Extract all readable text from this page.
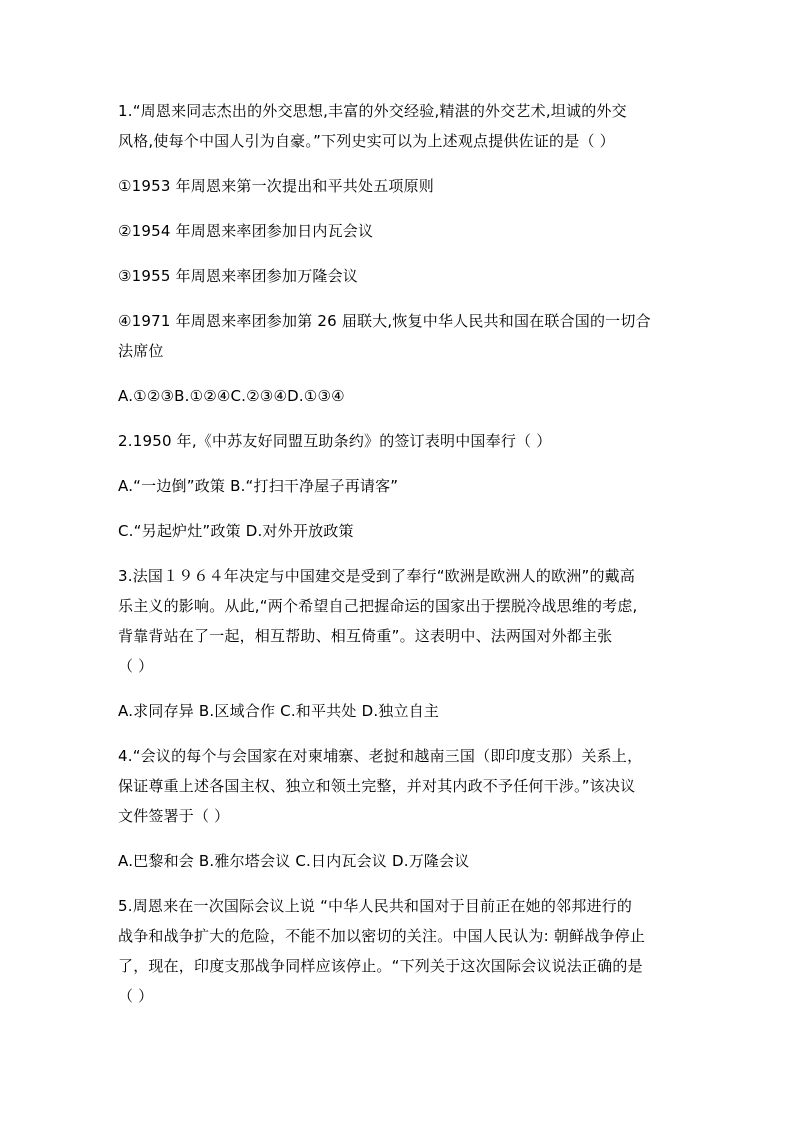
1.“周恩来同志杰出的外交思想,丰富的外交经验,精湛的外交艺术,坦诚的外交
风格,使每个中国人引为自豪。”下列史实可以为上述观点提供佐证的是（ ）
①1953 年周恩来第一次提出和平共处五项原则
②1954 年周恩来率团参加日内瓦会议
③1955 年周恩来率团参加万隆会议
④1971 年周恩来率团参加第 26 届联大,恢复中华人民共和国在联合国的一切合
法席位
A.①②③B.①②④C.②③④D.①③④
2.1950 年,《中苏友好同盟互助条约》的签订表明中国奉行（ ）
A.“一边倒”政策 B.“打扫干净屋子再请客”
C.“另起炉灶”政策 D.对外开放政策
3.法国１９６４年决定与中国建交是受到了奉行“欧洲是欧洲人的欧洲”的戴高
乐主义的影响。从此,“两个希望自己把握命运的国家出于摆脱冷战思维的考虑,
背靠背站在了一起，相互帮助、相互倚重”。这表明中、法两国对外都主张
（ ）
A.求同存异 B.区域合作 C.和平共处 D.独立自主
4.“会议的每个与会国家在对柬埔寨、老挝和越南三国（即印度支那）关系上，
保证尊重上述各国主权、独立和领土完整，并对其内政不予任何干涉。”该决议
文件签署于（ ）
A.巴黎和会 B.雅尔塔会议 C.日内瓦会议 D.万隆会议
5.周恩来在一次国际会议上说 “中华人民共和国对于目前正在她的邻邦进行的
战争和战争扩大的危险，不能不加以密切的关注。中国人民认为: 朝鲜战争停止
了，现在，印度支那战争同样应该停止。“下列关于这次国际会议说法正确的是
（ ）
